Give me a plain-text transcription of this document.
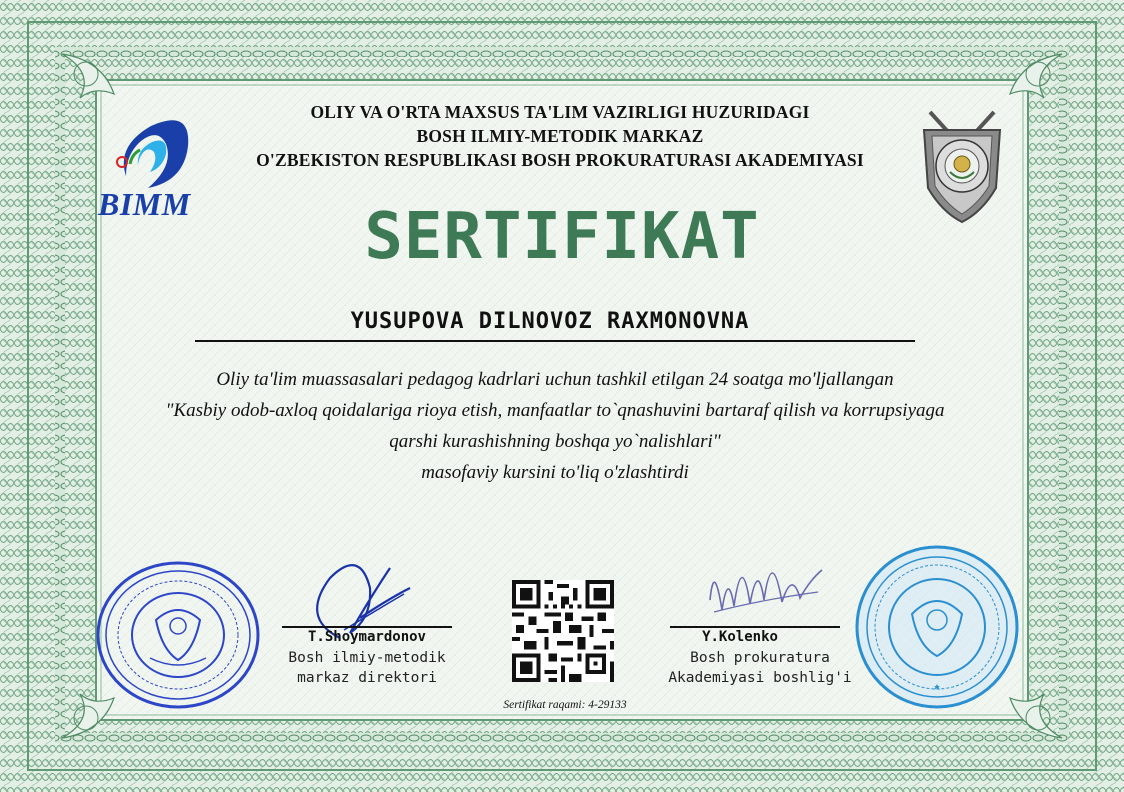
BIMM
OLIY VA O'RTA MAXSUS TA'LIM VAZIRLIGI HUZURIDAGI
BOSH ILMIY-METODIK MARKAZ
O'ZBEKISTON RESPUBLIKASI BOSH PROKURATURASI AKADEMIYASI
SERTIFIKAT
YUSUPOVA DILNOVOZ RAXMONOVNA
Oliy ta'lim muassasalari pedagog kadrlari uchun tashkil etilgan 24 soatga mo'ljallangan
"Kasbiy odob-axloq qoidalariga rioya etish, manfaatlar to`qnashuvini bartaraf qilish va korrupsiyaga
qarshi kurashishning boshqa yo`nalishlari"
masofaviy kursini to'liq o'zlashtirdi
T.Shoymardonov
Bosh ilmiy-metodik
markaz direktori
Y.Kolenko
Bosh prokuratura
Akademiyasi boshlig'i
Sertifikat raqami: 4-29133
